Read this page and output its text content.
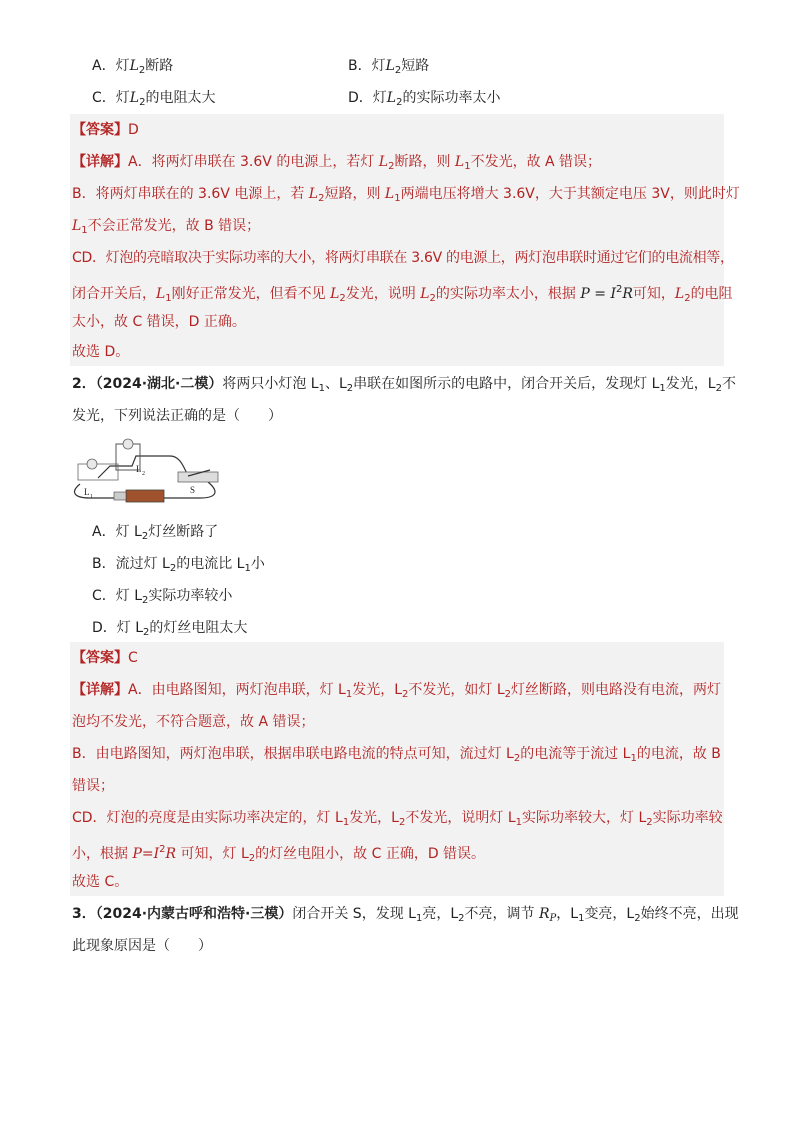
A．灯$L_2$断路	B．灯$L_2$短路
C．灯$L_2$的电阻太大	D．灯$L_2$的实际功率太小
【答案】D
【详解】A．将两灯串联在 3.6V 的电源上，若灯 $L_2$断路，则 $L_1$不发光，故 A 错误；
B．将两灯串联在的 3.6V 电源上，若 $L_2$短路，则 $L_1$两端电压将增大 3.6V，大于其额定电压 3V，则此时灯
$L_1$不会正常发光，故 B 错误；
CD．灯泡的亮暗取决于实际功率的大小，将两灯串联在 3.6V 的电源上，两灯泡串联时通过它们的电流相等，
闭合开关后，$L_1$刚好正常发光，但看不见 $L_2$发光，说明 $L_2$的实际功率太小，根据 $P = I^2R$可知，$L_2$的电阻
太小，故 C 错误，D 正确。
故选 D。
2．（2024·湖北·二模）将两只小灯泡 $L_1$、$L_2$串联在如图所示的电路中，闭合开关后，发现灯 $L_1$发光，$L_2$不
发光，下列说法正确的是（　　）
L 2
L 1
S
A．灯 $L_2$灯丝断路了
B．流过灯 $L_2$的电流比 $L_1$小
C．灯 $L_2$实际功率较小
D．灯 $L_2$的灯丝电阻太大
【答案】C
【详解】A．由电路图知，两灯泡串联，灯 $L_1$发光，$L_2$不发光，如灯 $L_2$灯丝断路，则电路没有电流，两灯
泡均不发光，不符合题意，故 A 错误；
B．由电路图知，两灯泡串联，根据串联电路电流的特点可知，流过灯 $L_2$的电流等于流过 $L_1$的电流，故 B
错误；
CD．灯泡的亮度是由实际功率决定的，灯 $L_1$发光，$L_2$不发光，说明灯 $L_1$实际功率较大，灯 $L_2$实际功率较
小，根据 $P=I^2R$ 可知，灯 $L_2$的灯丝电阻小，故 C 正确，D 错误。
故选 C。
3．（2024·内蒙古呼和浩特·三模）闭合开关 S，发现 $L_1$亮，$L_2$不亮，调节 $R_P$，$L_1$变亮，$L_2$始终不亮，出现
此现象原因是（　　）
